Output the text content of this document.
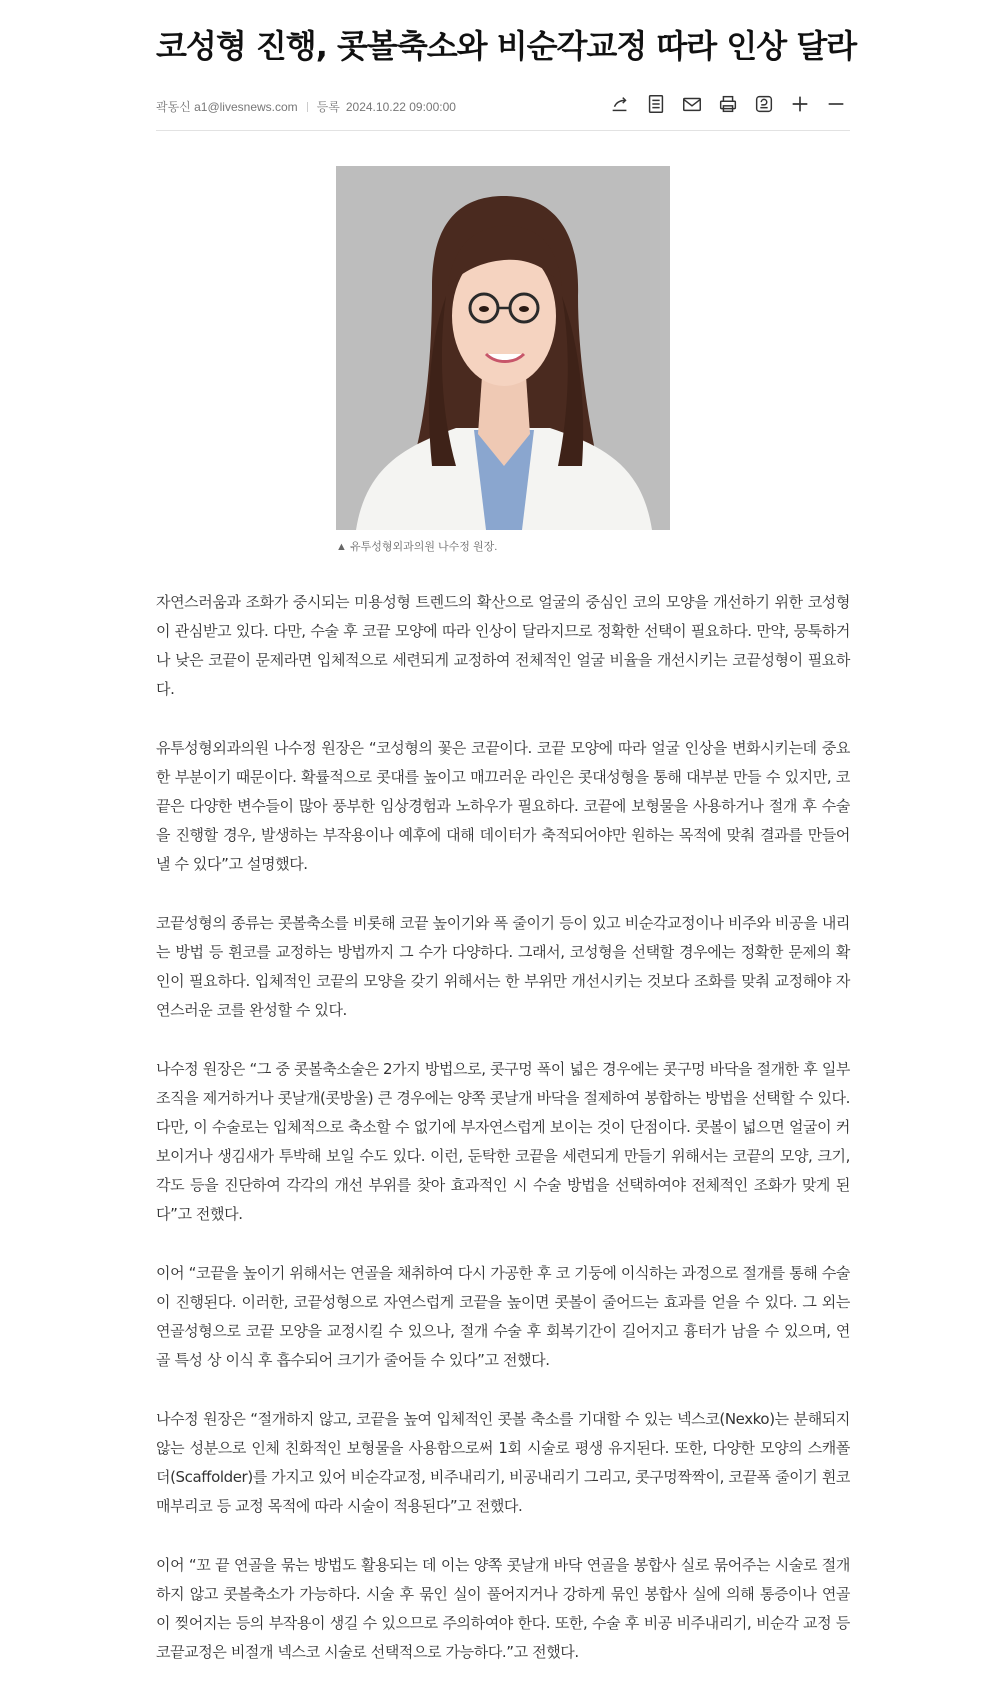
코성형 진행, 콧볼축소와 비순각교정 따라 인상 달라
곽동신 a1@livesnews.com 등록 2024.10.22 09:00:00
▲ 유투성형외과의원 나수정 원장.

자연스러움과 조화가 중시되는 미용성형 트렌드의 확산으로 얼굴의 중심인 코의 모양을 개선하기 위한 코성형이 관심받고 있다. 다만, 수술 후 코끝 모양에 따라 인상이 달라지므로 정확한 선택이 필요하다. 만약, 뭉툭하거나 낮은 코끝이 문제라면 입체적으로 세련되게 교정하여 전체적인 얼굴 비율을 개선시키는 코끝성형이 필요하다.

유투성형외과의원 나수정 원장은 “코성형의 꽃은 코끝이다. 코끝 모양에 따라 얼굴 인상을 변화시키는데 중요한 부분이기 때문이다. 확률적으로 콧대를 높이고 매끄러운 라인은 콧대성형을 통해 대부분 만들 수 있지만, 코끝은 다양한 변수들이 많아 풍부한 임상경험과 노하우가 필요하다. 코끝에 보형물을 사용하거나 절개 후 수술을 진행할 경우, 발생하는 부작용이나 예후에 대해 데이터가 축적되어야만 원하는 목적에 맞춰 결과를 만들어 낼 수 있다”고 설명했다.

코끝성형의 종류는 콧볼축소를 비롯해 코끝 높이기와 폭 줄이기 등이 있고 비순각교정이나 비주와 비공을 내리는 방법 등 휜코를 교정하는 방법까지 그 수가 다양하다. 그래서, 코성형을 선택할 경우에는 정확한 문제의 확인이 필요하다. 입체적인 코끝의 모양을 갖기 위해서는 한 부위만 개선시키는 것보다 조화를 맞춰 교정해야 자연스러운 코를 완성할 수 있다.

나수정 원장은 “그 중 콧볼축소술은 2가지 방법으로, 콧구멍 폭이 넓은 경우에는 콧구멍 바닥을 절개한 후 일부 조직을 제거하거나 콧날개(콧방울) 큰 경우에는 양쪽 콧날개 바닥을 절제하여 봉합하는 방법을 선택할 수 있다. 다만, 이 수술로는 입체적으로 축소할 수 없기에 부자연스럽게 보이는 것이 단점이다. 콧볼이 넓으면 얼굴이 커 보이거나 생김새가 투박해 보일 수도 있다. 이런, 둔탁한 코끝을 세련되게 만들기 위해서는 코끝의 모양, 크기, 각도 등을 진단하여 각각의 개선 부위를 찾아 효과적인 시 수술 방법을 선택하여야 전체적인 조화가 맞게 된다”고 전했다.

이어 “코끝을 높이기 위해서는 연골을 채취하여 다시 가공한 후 코 기둥에 이식하는 과정으로 절개를 통해 수술이 진행된다. 이러한, 코끝성형으로 자연스럽게 코끝을 높이면 콧볼이 줄어드는 효과를 얻을 수 있다. 그 외는 연골성형으로 코끝 모양을 교정시킬 수 있으나, 절개 수술 후 회복기간이 길어지고 흉터가 남을 수 있으며, 연골 특성 상 이식 후 흡수되어 크기가 줄어들 수 있다”고 전했다.

나수정 원장은 “절개하지 않고, 코끝을 높여 입체적인 콧볼 축소를 기대할 수 있는 넥스코(Nexko)는 분해되지 않는 성분으로 인체 친화적인 보형물을 사용함으로써 1회 시술로 평생 유지된다. 또한, 다양한 모양의 스캐폴더(Scaffolder)를 가지고 있어 비순각교정, 비주내리기, 비공내리기 그리고, 콧구멍짝짝이, 코끝폭 줄이기 휜코 매부리코 등 교정 목적에 따라 시술이 적용된다”고 전했다.

이어 “꼬 끝 연골을 묶는 방법도 활용되는 데 이는 양쪽 콧날개 바닥 연골을 봉합사 실로 묶어주는 시술로 절개하지 않고 콧볼축소가 가능하다. 시술 후 묶인 실이 풀어지거나 강하게 묶인 봉합사 실에 의해 통증이나 연골 이 찢어지는 등의 부작용이 생길 수 있으므로 주의하여야 한다. 또한, 수술 후 비공 비주내리기, 비순각 교정 등 코끝교정은 비절개 넥스코 시술로 선택적으로 가능하다.”고 전했다.
